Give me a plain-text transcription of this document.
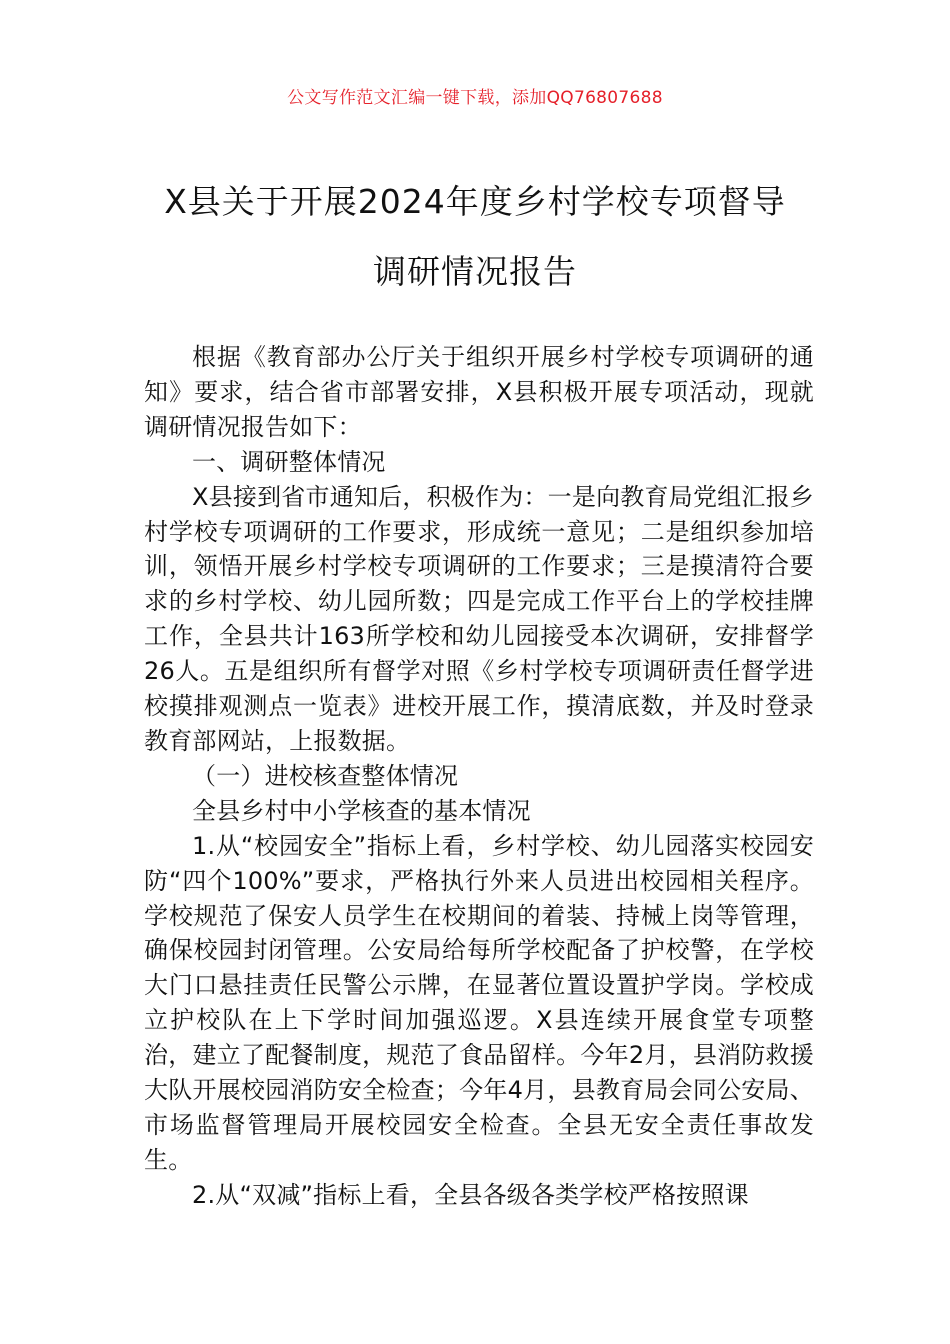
公文写作范文汇编一键下载，添加QQ76807688
X县关于开展2024年度乡村学校专项督导
调研情况报告

根据《教育部办公厅关于组织开展乡村学校专项调研的通知》要求，结合省市部署安排，X县积极开展专项活动，现就调研情况报告如下：

一、调研整体情况

X县接到省市通知后，积极作为：一是向教育局党组汇报乡村学校专项调研的工作要求，形成统一意见；二是组织参加培训，领悟开展乡村学校专项调研的工作要求；三是摸清符合要求的乡村学校、幼儿园所数；四是完成工作平台上的学校挂牌工作，全县共计163所学校和幼儿园接受本次调研，安排督学26人。五是组织所有督学对照《乡村学校专项调研责任督学进校摸排观测点一览表》进校开展工作，摸清底数，并及时登录教育部网站，上报数据。

（一）进校核查整体情况

全县乡村中小学核查的基本情况

1.从“校园安全”指标上看，乡村学校、幼儿园落实校园安防“四个100%”要求，严格执行外来人员进出校园相关程序。学校规范了保安人员学生在校期间的着装、持械上岗等管理，确保校园封闭管理。公安局给每所学校配备了护校警，在学校大门口悬挂责任民警公示牌，在显著位置设置护学岗。学校成立护校队在上下学时间加强巡逻。X县连续开展食堂专项整治，建立了配餐制度，规范了食品留样。今年2月，县消防救援大队开展校园消防安全检查；今年4月，县教育局会同公安局、市场监督管理局开展校园安全检查。全县无安全责任事故发生。

2.从“双减”指标上看，全县各级各类学校严格按照课
